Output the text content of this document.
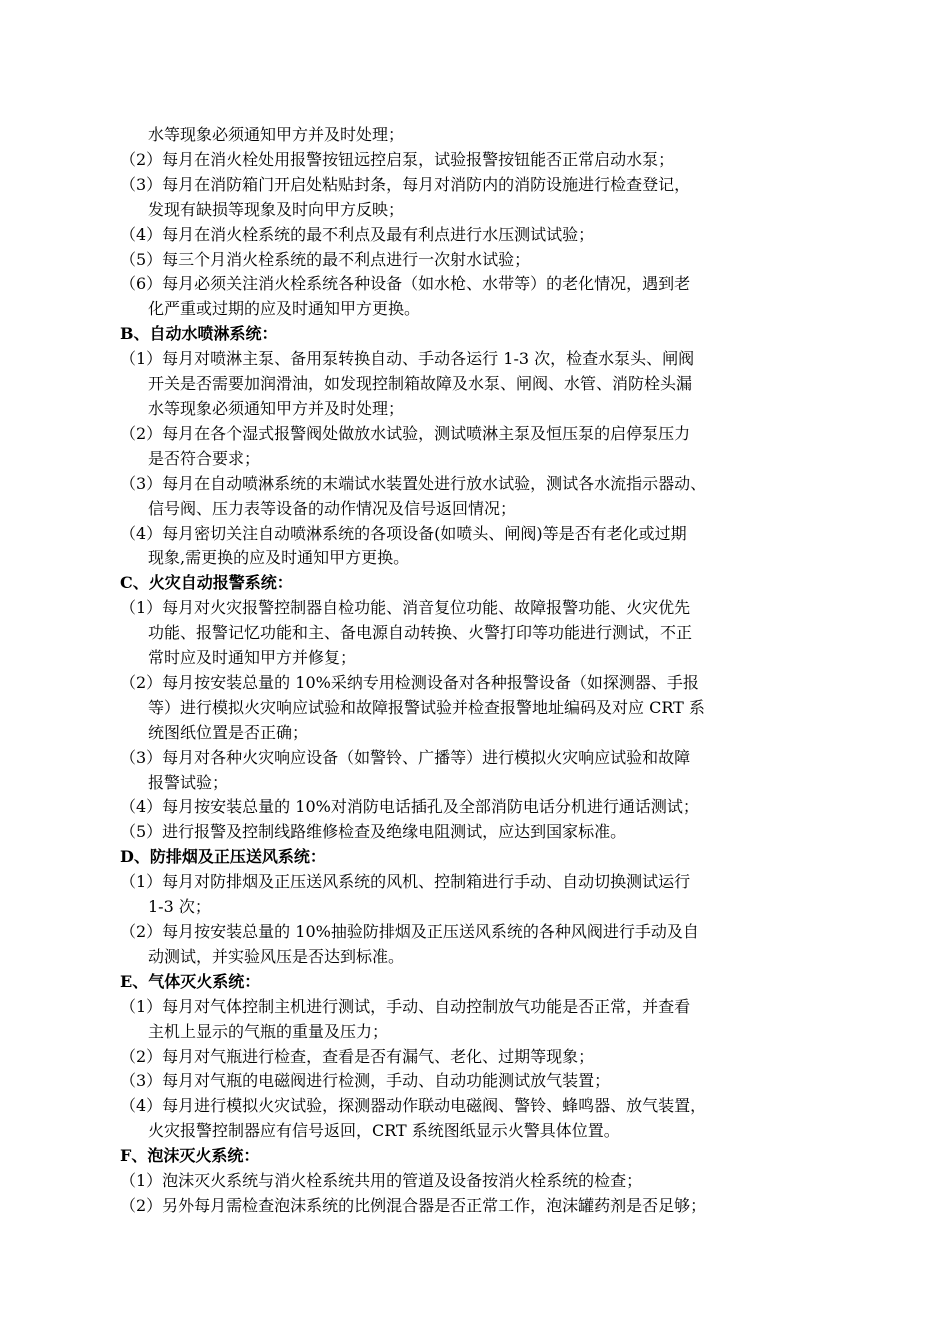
水等现象必须通知甲方并及时处理；

（2）每月在消火栓处用报警按钮远控启泵，试验报警按钮能否正常启动水泵；

（3）每月在消防箱门开启处粘贴封条，每月对消防内的消防设施进行检查登记，

发现有缺损等现象及时向甲方反映；

（4）每月在消火栓系统的最不利点及最有利点进行水压测试试验；

（5）每三个月消火栓系统的最不利点进行一次射水试验；

（6）每月必须关注消火栓系统各种设备（如水枪、水带等）的老化情况，遇到老

化严重或过期的应及时通知甲方更换。

B、自动水喷淋系统：

（1）每月对喷淋主泵、备用泵转换自动、手动各运行 1-3 次，检查水泵头、闸阀

开关是否需要加润滑油，如发现控制箱故障及水泵、闸阀、水管、消防栓头漏

水等现象必须通知甲方并及时处理；

（2）每月在各个湿式报警阀处做放水试验，测试喷淋主泵及恒压泵的启停泵压力

是否符合要求；

（3）每月在自动喷淋系统的末端试水装置处进行放水试验，测试各水流指示器动、

信号阀、压力表等设备的动作情况及信号返回情况；

（4）每月密切关注自动喷淋系统的各项设备(如喷头、闸阀)等是否有老化或过期

现象,需更换的应及时通知甲方更换。

C、火灾自动报警系统：

（1）每月对火灾报警控制器自检功能、消音复位功能、故障报警功能、火灾优先

功能、报警记忆功能和主、备电源自动转换、火警打印等功能进行测试，不正

常时应及时通知甲方并修复；

（2）每月按安装总量的 10%采纳专用检测设备对各种报警设备（如探测器、手报

等）进行模拟火灾响应试验和故障报警试验并检查报警地址编码及对应 CRT 系

统图纸位置是否正确；

（3）每月对各种火灾响应设备（如警铃、广播等）进行模拟火灾响应试验和故障

报警试验；

（4）每月按安装总量的 10%对消防电话插孔及全部消防电话分机进行通话测试；

（5）进行报警及控制线路维修检查及绝缘电阻测试，应达到国家标准。

D、防排烟及正压送风系统：

（1）每月对防排烟及正压送风系统的风机、控制箱进行手动、自动切换测试运行

1-3 次；

（2）每月按安装总量的 10%抽验防排烟及正压送风系统的各种风阀进行手动及自

动测试，并实验风压是否达到标准。

E、气体灭火系统：

（1）每月对气体控制主机进行测试，手动、自动控制放气功能是否正常，并查看

主机上显示的气瓶的重量及压力；

（2）每月对气瓶进行检查，查看是否有漏气、老化、过期等现象；

（3）每月对气瓶的电磁阀进行检测，手动、自动功能测试放气装置；

（4）每月进行模拟火灾试验，探测器动作联动电磁阀、警铃、蜂鸣器、放气装置，

火灾报警控制器应有信号返回，CRT 系统图纸显示火警具体位置。

F、泡沫灭火系统：

（1）泡沫灭火系统与消火栓系统共用的管道及设备按消火栓系统的检查；

（2）另外每月需检查泡沫系统的比例混合器是否正常工作，泡沫罐药剂是否足够；
